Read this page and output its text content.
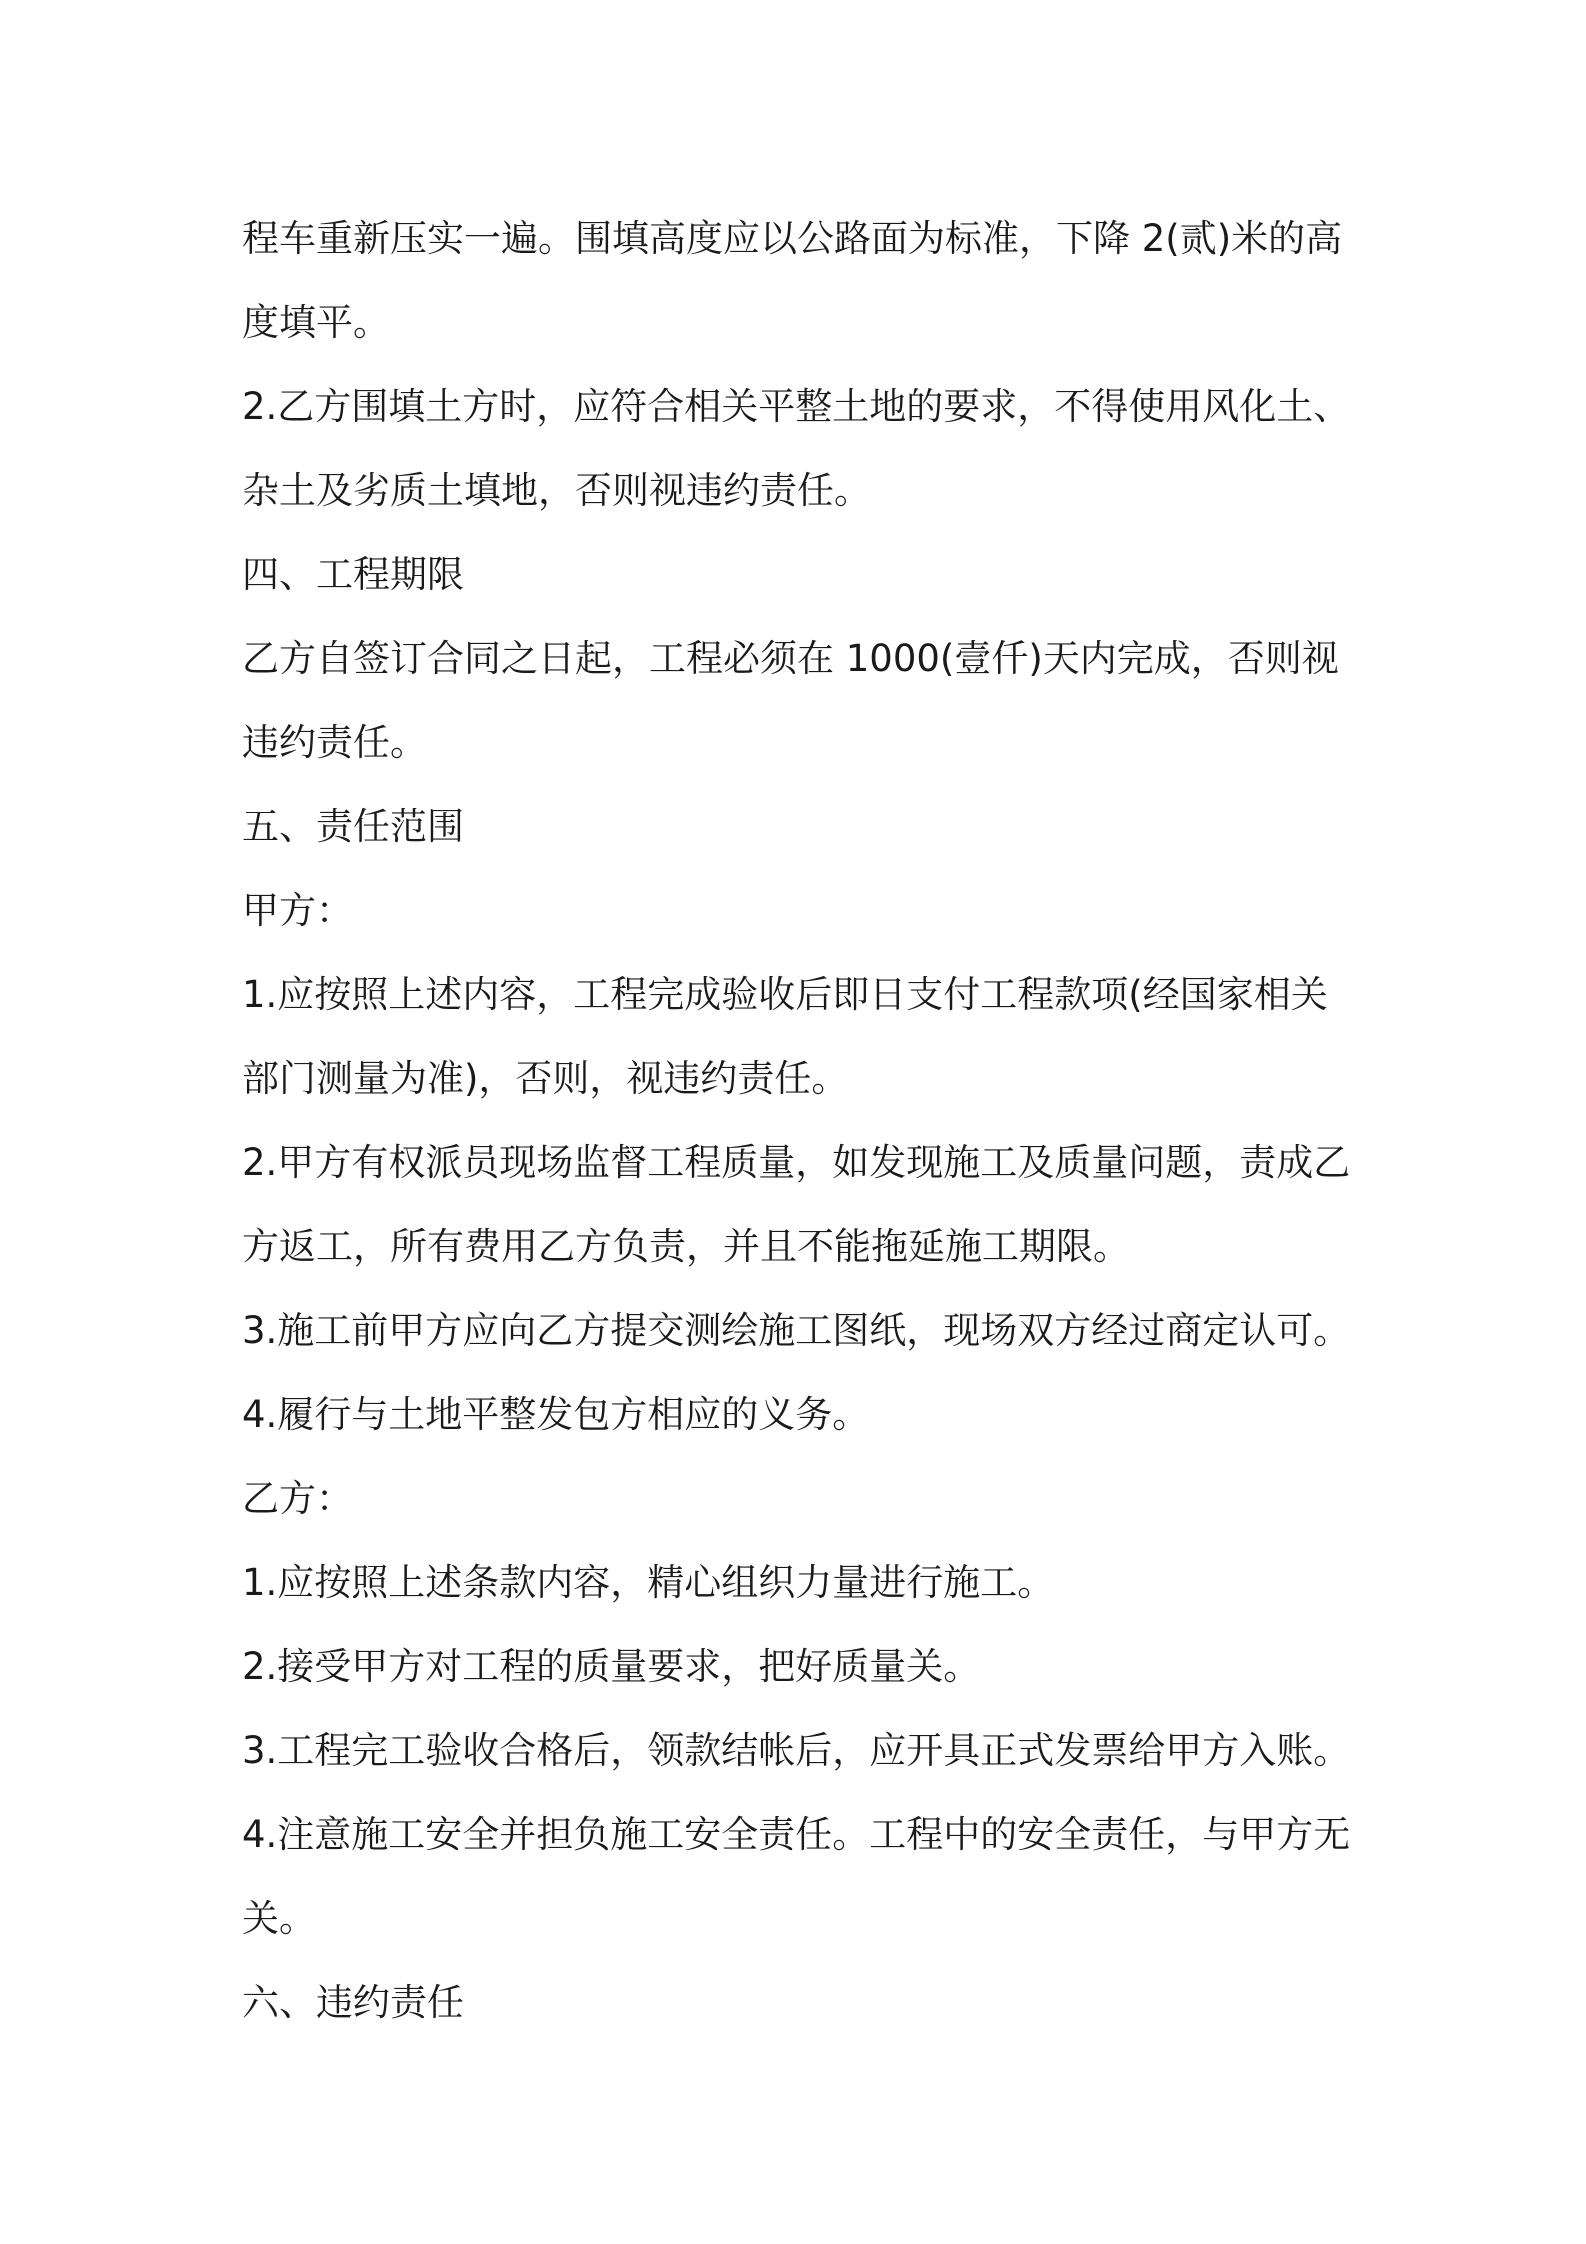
程车重新压实一遍。围填高度应以公路面为标准，下降 2(贰)米的高度填平。

2.乙方围填土方时，应符合相关平整土地的要求，不得使用风化土、杂土及劣质土填地，否则视违约责任。

四、工程期限

乙方自签订合同之日起，工程必须在 1000(壹仟)天内完成，否则视违约责任。

五、责任范围

甲方：

1.应按照上述内容，工程完成验收后即日支付工程款项(经国家相关部门测量为准)，否则，视违约责任。

2.甲方有权派员现场监督工程质量，如发现施工及质量问题，责成乙方返工，所有费用乙方负责，并且不能拖延施工期限。

3.施工前甲方应向乙方提交测绘施工图纸，现场双方经过商定认可。

4.履行与土地平整发包方相应的义务。

乙方：

1.应按照上述条款内容，精心组织力量进行施工。

2.接受甲方对工程的质量要求，把好质量关。

3.工程完工验收合格后，领款结帐后，应开具正式发票给甲方入账。

4.注意施工安全并担负施工安全责任。工程中的安全责任，与甲方无关。

六、违约责任
